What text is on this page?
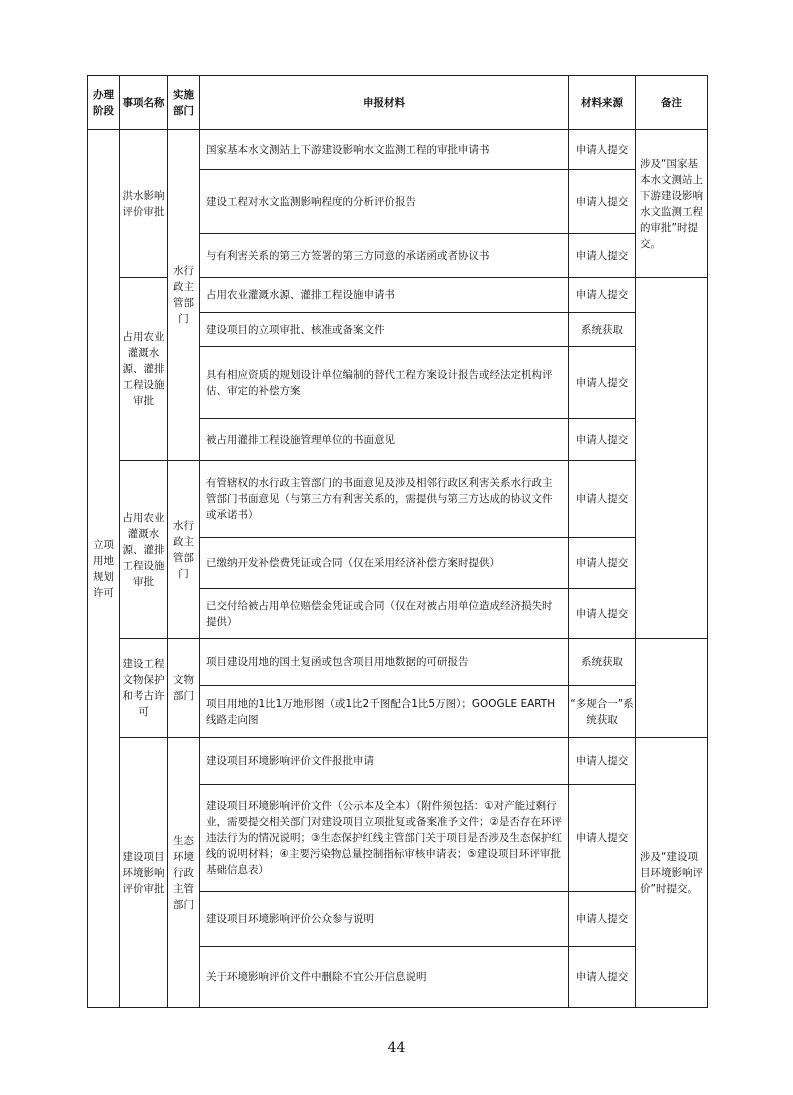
办理阶段	事项名称	实施部门	申报材料	材料来源	备注
立项用地规划许可	洪水影响评价审批	水行政主管部门	国家基本水文测站上下游建设影响水文监测工程的审批申请书	申请人提交	涉及“国家基本水文测站上下游建设影响水文监测工程的审批”时提交。
			建设工程对水文监测影响程度的分析评价报告	申请人提交	
			与有利害关系的第三方签署的第三方同意的承诺函或者协议书	申请人提交	
	占用农业灌溉水源、灌排工程设施审批		占用农业灌溉水源、灌排工程设施申请书	申请人提交	
			建设项目的立项审批、核准或备案文件	系统获取	
			具有相应资质的规划设计单位编制的替代工程方案设计报告或经法定机构评估、审定的补偿方案	申请人提交	
			被占用灌排工程设施管理单位的书面意见	申请人提交	
	占用农业灌溉水源、灌排工程设施审批	水行政主管部门	有管辖权的水行政主管部门的书面意见及涉及相邻行政区利害关系水行政主管部门书面意见（与第三方有利害关系的，需提供与第三方达成的协议文件或承诺书）	申请人提交	
			已缴纳开发补偿费凭证或合同（仅在采用经济补偿方案时提供）	申请人提交	
			已交付给被占用单位赔偿金凭证或合同（仅在对被占用单位造成经济损失时提供）	申请人提交	
	建设工程文物保护和考古许可	文物部门	项目建设用地的国土复函或包含项目用地数据的可研报告	系统获取	
			项目用地的1比1万地形图（或1比2千图配合1比5万图）；GOOGLE EARTH线路走向图	“多规合一”系统获取	
	建设项目环境影响评价审批	生态环境行政主管部门	建设项目环境影响评价文件报批申请	申请人提交	涉及“建设项目环境影响评价”时提交。
			建设项目环境影响评价文件（公示本及全本）（附件须包括：①对产能过剩行业，需要提交相关部门对建设项目立项批复或备案准予文件；②是否存在环评违法行为的情况说明；③生态保护红线主管部门关于项目是否涉及生态保护红线的说明材料；④主要污染物总量控制指标审核申请表；⑤建设项目环评审批基础信息表）	申请人提交	
			建设项目环境影响评价公众参与说明	申请人提交	
			关于环境影响评价文件中删除不宜公开信息说明	申请人提交	
44
